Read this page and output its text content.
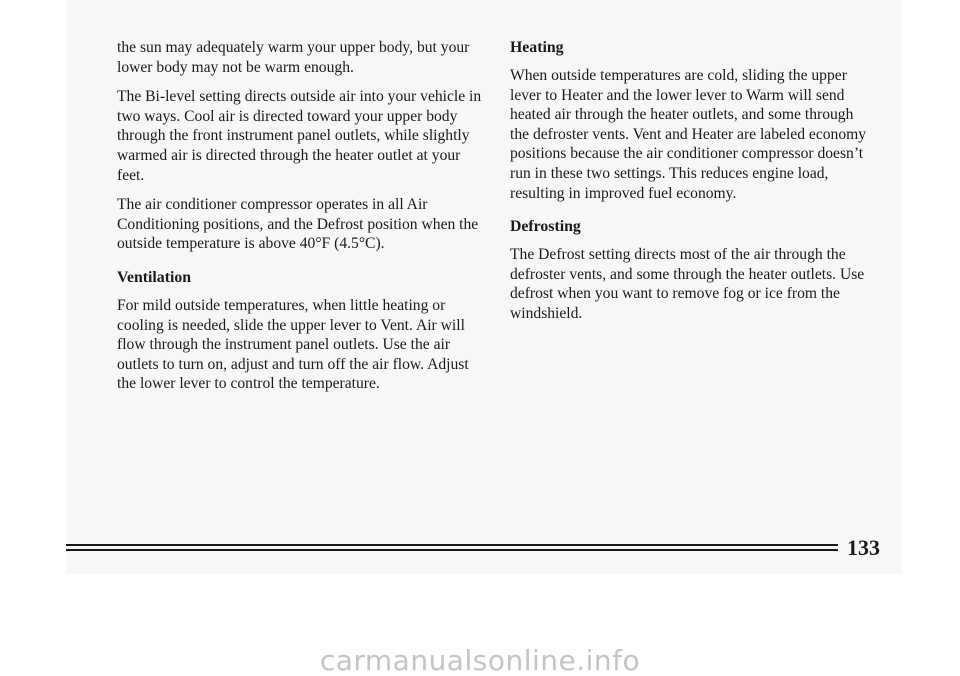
the sun may adequately warm your upper body, but your lower body may not be warm enough.

The Bi-level setting directs outside air into your vehicle in two ways. Cool air is directed toward your upper body through the front instrument panel outlets, while slightly warmed air is directed through the heater outlet at your feet.

The air conditioner compressor operates in all Air Conditioning positions, and the Defrost position when the outside temperature is above 40°F (4.5°C).

Ventilation

For mild outside temperatures, when little heating or cooling is needed, slide the upper lever to Vent. Air will flow through the instrument panel outlets. Use the air outlets to turn on, adjust and turn off the air flow. Adjust the lower lever to control the temperature.

Heating

When outside temperatures are cold, sliding the upper lever to Heater and the lower lever to Warm will send heated air through the heater outlets, and some through the defroster vents. Vent and Heater are labeled economy positions because the air conditioner compressor doesn’t run in these two settings. This reduces engine load, resulting in improved fuel economy.

Defrosting

The Defrost setting directs most of the air through the defroster vents, and some through the heater outlets. Use defrost when you want to remove fog or ice from the windshield.

133
carmanualsonline.info
